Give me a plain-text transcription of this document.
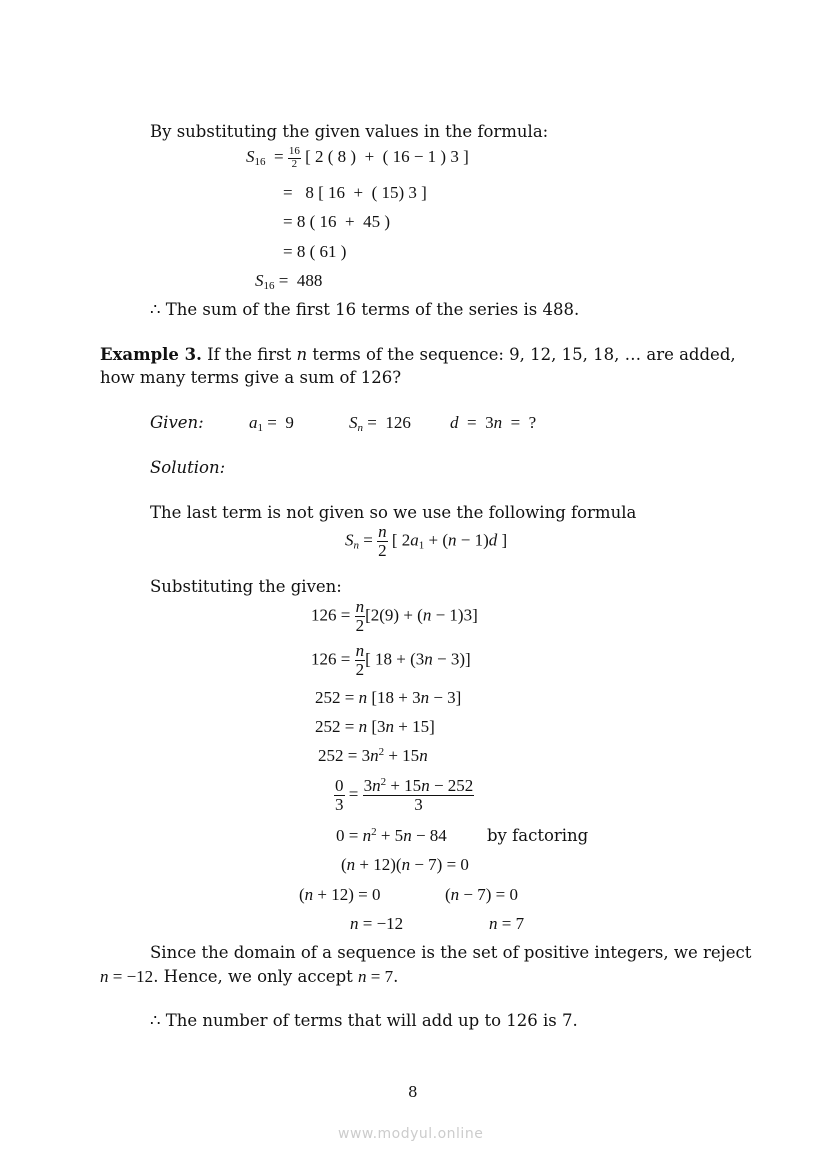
By substituting the given values in the formula:
$S_{16} = \frac{16}{2}$ [ 2 ( 8 )  +  ( 16 − 1 ) 3 ]
=   8 [ 16  +  ( 15) 3 ]
= 8 ( 16  +  45 )
= 8 ( 61 )
$S_{16} = 488$
∴ The sum of the first 16 terms of the series is 488.
Example 3. If the first n terms of the sequence: 9, 12, 15, 18, … are added,
how many terms give a sum of 126?
Given:	$a_1 = 9$	$S_n = 126$ d  =  3n  =  ?
Solution:
The last term is not given so we use the following formula
$S_n = \frac{n}{2}$ [ $2a_1 + (n - 1)d$ ]
Substituting the given:
$126 = \frac{n}{2} [2(9) + (n - 1)3]$
$126 = \frac{n}{2}$ [ 18 + (3n − 3)]
252 = n [18 + 3n − 3]
252 = n [3n + 15]
$252 = 3n^2 + 15n$
$\frac{0}{3} = \frac{3n^2 + 15n - 252}{3}$
$0 = n^2 + 5n - 84$ by factoring
(n + 12)(n − 7) = 0
(n + 12) = 0	(n − 7) = 0
n = −12	n = 7
Since the domain of a sequence is the set of positive integers, we reject
n = −12. Hence, we only accept n = 7.
∴ The number of terms that will add up to 126 is 7.
8
www.modyul.online
